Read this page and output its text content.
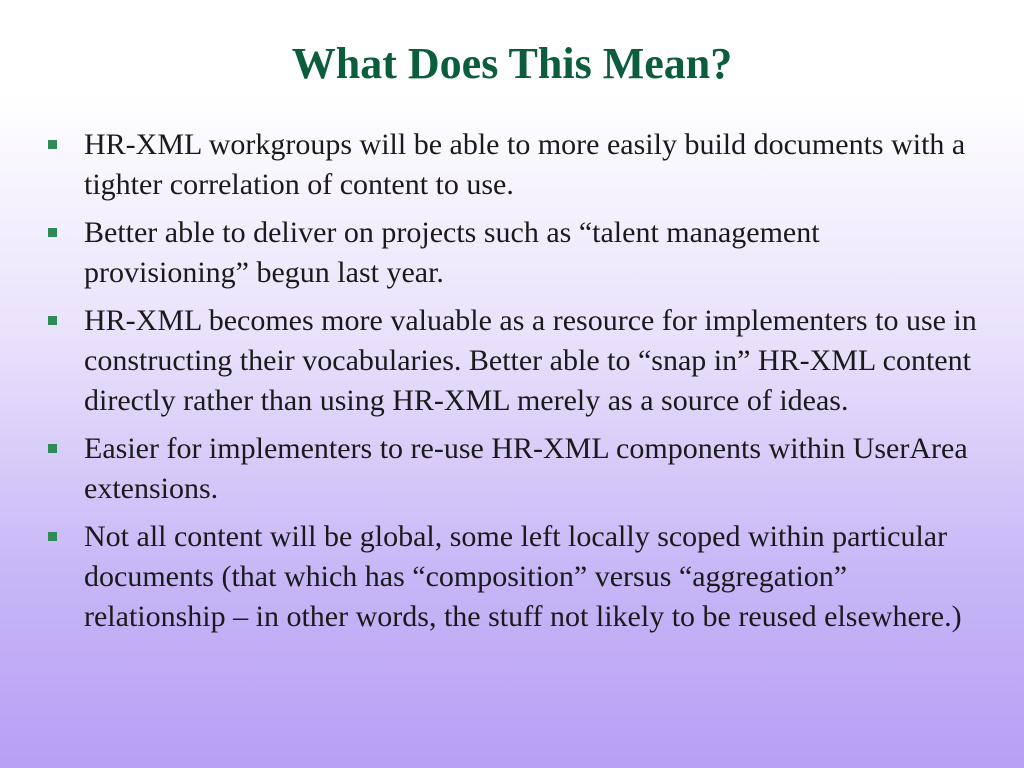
What Does This Mean?
HR-XML workgroups will be able to more easily build documents with a tighter correlation of content to use.
Better able to deliver on projects such as “talent management provisioning” begun last year.
HR-XML becomes more valuable as a resource for implementers to use in constructing their vocabularies. Better able to “snap in” HR-XML content directly rather than using HR-XML merely as a source of ideas.
Easier for implementers to re-use HR-XML components within UserArea extensions.
Not all content will be global, some left locally scoped within particular documents (that which has “composition” versus “aggregation” relationship – in other words, the stuff not likely to be reused elsewhere.)
